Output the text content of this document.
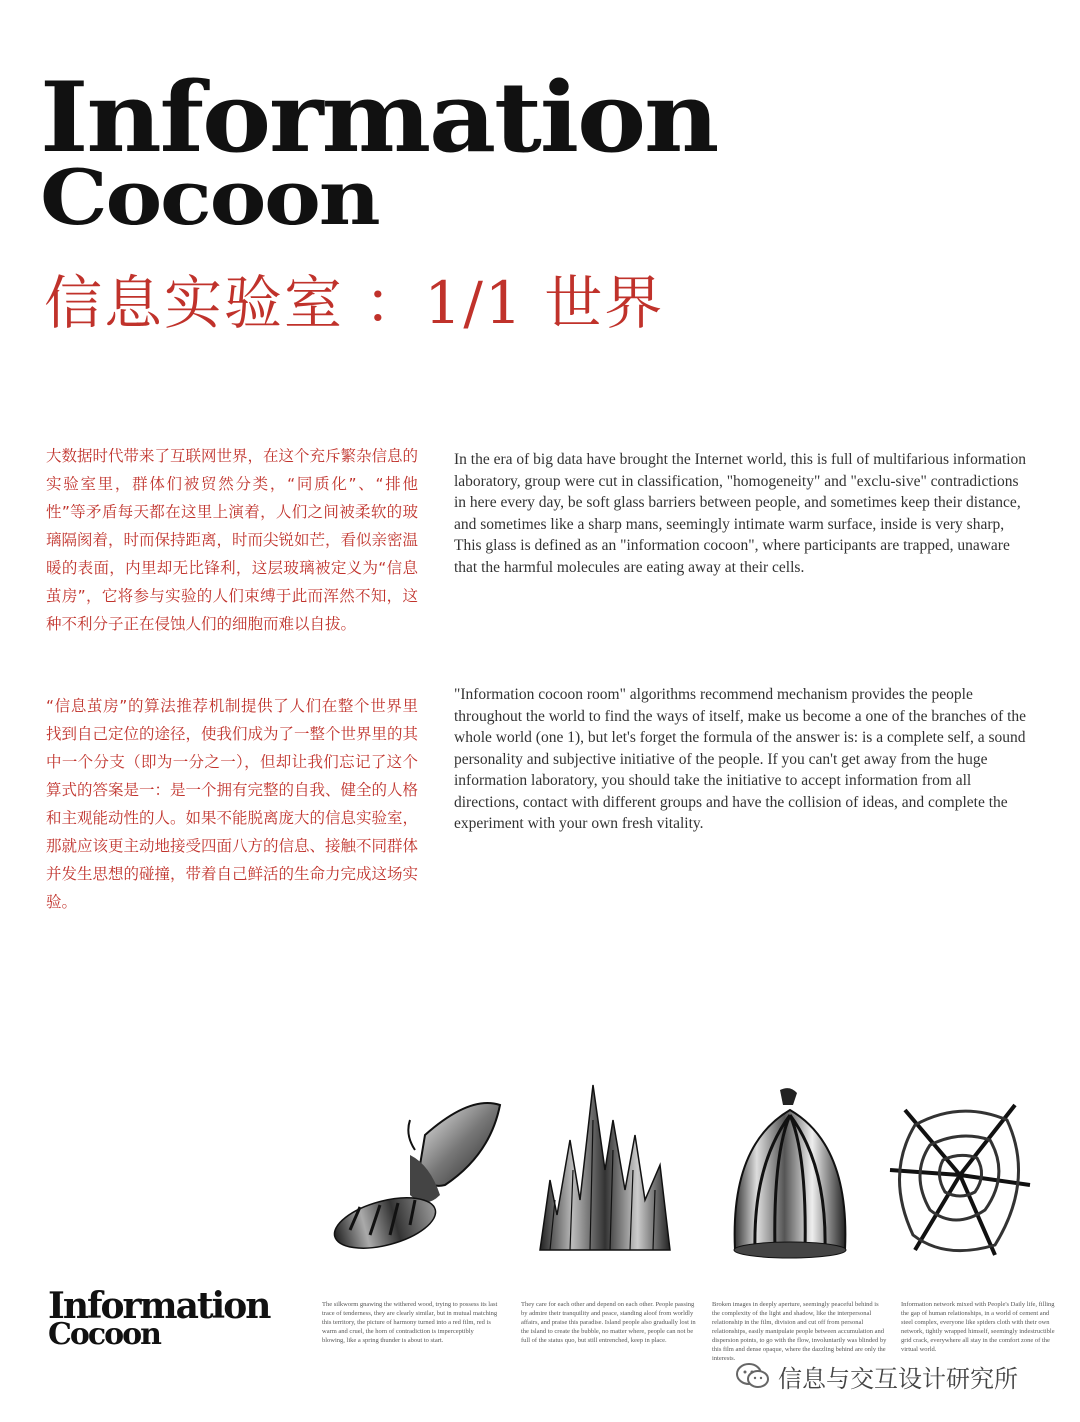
Information
Cocoon
信息实验室 ：1/1 世界
大数据时代带来了互联网世界，在这个充斥繁杂信息的实验室里，群体们被贸然分类，“同质化”、“排他性”等矛盾每天都在这里上演着，人们之间被柔软的玻璃隔阂着，时而保持距离，时而尖锐如芒，看似亲密温暖的表面，内里却无比锋利，这层玻璃被定义为“信息茧房”，它将参与实验的人们束缚于此而浑然不知，这种不利分子正在侵蚀人们的细胞而难以自拔。
“信息茧房”的算法推荐机制提供了人们在整个世界里找到自己定位的途径，使我们成为了一整个世界里的其中一个分支（即为一分之一），但却让我们忘记了这个算式的答案是一：是一个拥有完整的自我、健全的人格和主观能动性的人。如果不能脱离庞大的信息实验室，那就应该更主动地接受四面八方的信息、接触不同群体并发生思想的碰撞，带着自己鲜活的生命力完成这场实验。
In the era of big data have brought the Internet world, this is full of multifarious information laboratory, group were cut in classification, "homogeneity" and "exclu-sive" contradictions in here every day, be soft glass barriers between people, and sometimes keep their distance, and sometimes like a sharp mans, seemingly intimate warm surface, inside is very sharp, This glass is defined as an "information cocoon", where participants are trapped, unaware that the harmful molecules are eating away at their cells.
"Information cocoon room" algorithms recommend mechanism provides the people throughout the world to find the ways of itself, make us become a one of the branches of the whole world (one 1), but let's forget the formula of the answer is: is a complete self, a sound personality and subjective initiative of the people. If you can't get away from the huge information laboratory, you should take the initiative to accept information from all directions, contact with different groups and have the collision of ideas, and complete the experiment with your own fresh vitality.
Information
Cocoon
The silkworm gnawing the withered wood, trying to possess its last trace of tenderness, they are clearly similar, but in mutual matching this territory, the picture of harmony turned into a red film, red is warm and cruel, the horn of contradiction is imperceptibly blowing, like a spring thunder is about to start.
They care for each other and depend on each other. People passing by admire their tranquility and peace, standing aloof from worldly affairs, and praise this paradise. Island people also gradually lost in the island to create the bubble, no matter where, people can not be full of the status quo, but still entrenched, keep in place.
Broken images in deeply aperture, seemingly peaceful behind is the complexity of the light and shadow, like the interpersonal relationship in the film, division and cut off from personal relationships, easily manipulate people between accumulation and dispersion points, to go with the flow, involuntarily was blinded by this film and dense opaque, where the dazzling behind are only the interests.
Information network mixed with People's Daily life, filling the gap of human relationships, in a world of cement and steel complex, everyone like spiders cloth with their own network, tightly wrapped himself, seemingly indestructible grid crack, everywhere all stay in the comfort zone of the virtual world.
信息与交互设计研究所
